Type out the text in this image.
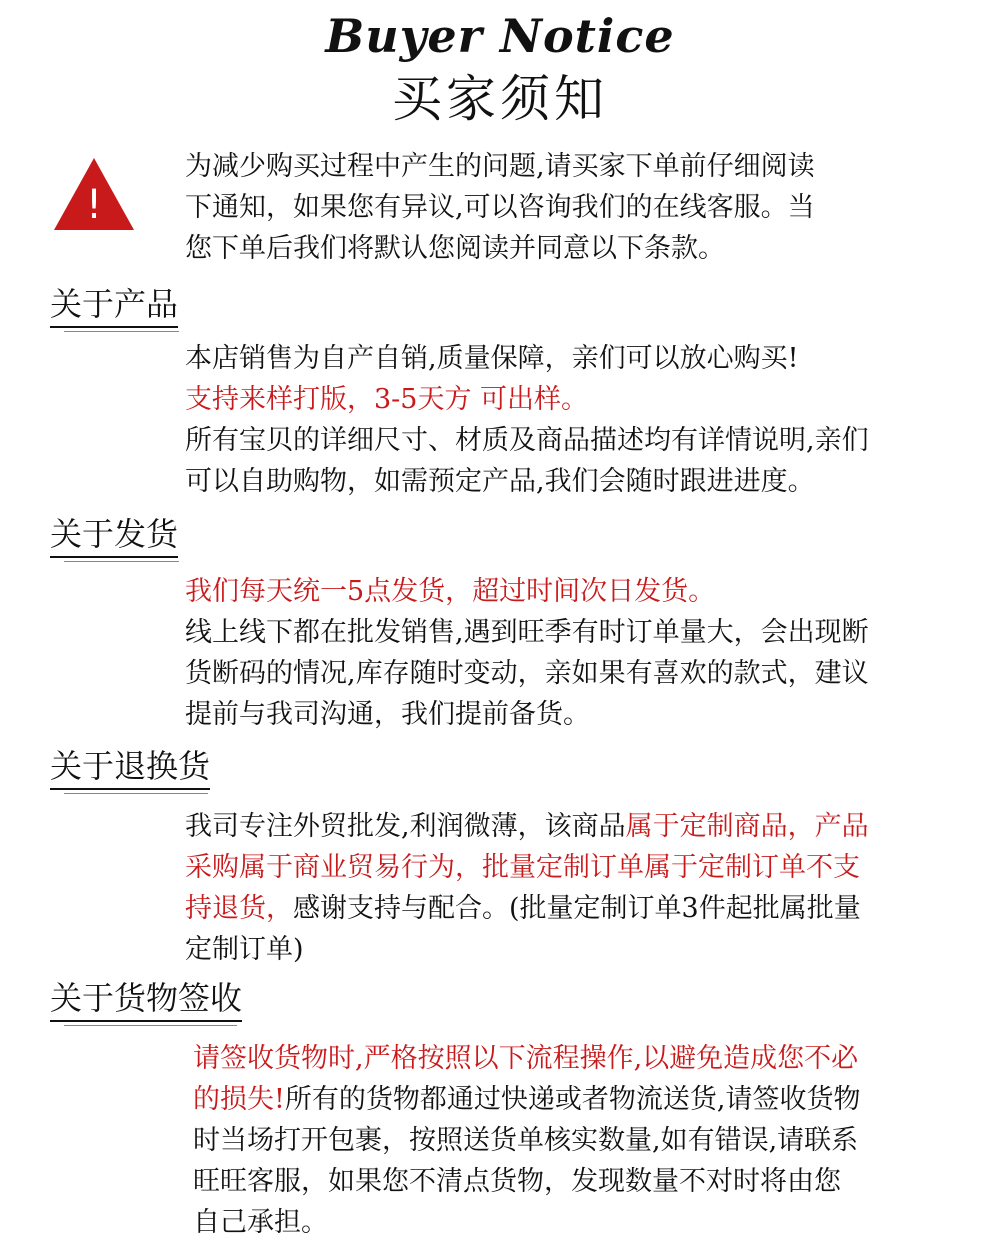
Buyer Notice
买家须知
!
为减少购买过程中产生的问题,请买家下单前仔细阅读
下通知，如果您有异议,可以咨询我们的在线客服。当
您下单后我们将默认您阅读并同意以下条款。
关于产品
本店销售为自产自销,质量保障，亲们可以放心购买!
支持来样打版，3-5天方 可出样。
所有宝贝的详细尺寸、材质及商品描述均有详情说明,亲们
可以自助购物，如需预定产品,我们会随时跟进进度。
关于发货
我们每天统一5点发货，超过时间次日发货。
线上线下都在批发销售,遇到旺季有时订单量大，会出现断
货断码的情况,库存随时变动，亲如果有喜欢的款式，建议
提前与我司沟通，我们提前备货。
关于退换货
我司专注外贸批发,利润微薄，该商品属于定制商品，产品
采购属于商业贸易行为，批量定制订单属于定制订单不支
持退货，感谢支持与配合。(批量定制订单3件起批属批量
定制订单)
关于货物签收
请签收货物时,严格按照以下流程操作,以避免造成您不必
的损失!所有的货物都通过快递或者物流送货,请签收货物
时当场打开包裹，按照送货单核实数量,如有错误,请联系
旺旺客服，如果您不清点货物，发现数量不对时将由您
自己承担。
